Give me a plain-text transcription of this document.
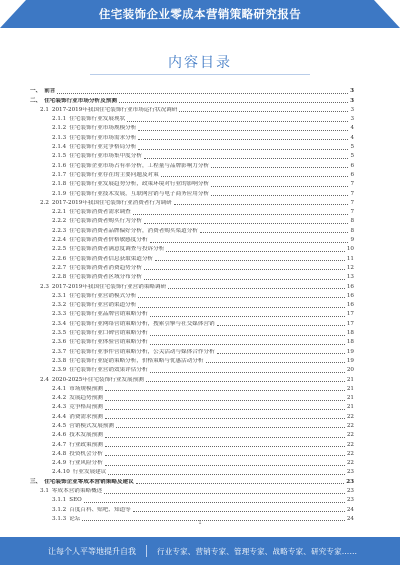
住宅装饰企业零成本营销策略研究报告
内容目录
一、 前言	3
二、 住宅装饰行业市场分析及预测	3
2.1 2017-2019年我国住宅装饰行业市场运行状况调研	3
2.1.1 住宅装饰行业发展现状	3
2.1.2 住宅装饰行业市场规模分析	4
2.1.3 住宅装饰行业市场需求分析	4
2.1.4 住宅装饰行业竞争格局分析	5
2.1.5 住宅装饰行业市场集中度分析	5
2.1.6 住宅装饰企业市场占有率分析，工程量与品牌影响力分析	6
2.1.7 住宅装饰行业存在的主要问题及对策	6
2.1.8 住宅装饰行业发展趋势分析，政策环境对行业的影响分析	7
2.1.9 住宅装饰行业技术发展，互联网营销与电子商务应用分析	7
2.2 2017-2019年我国住宅装饰行业消费者行为调研	7
2.2.1 住宅装饰消费者需求调查	7
2.2.2 住宅装饰消费者购买行为分析	8
2.2.3 住宅装饰消费者品牌偏好分析，消费者购买渠道分析	8
2.2.4 住宅装饰消费者价格敏感度分析	9
2.2.5 住宅装饰消费者满意度调查与投诉分析	10
2.2.6 住宅装饰消费者信息获取渠道分析	11
2.2.7 住宅装饰消费者消费趋势分析	12
2.2.8 住宅装饰消费者区域分布分析	13
2.3 2017-2019年我国住宅装饰行业营销策略调研	16
2.3.1 住宅装饰行业营销模式分析	16
2.3.2 住宅装饰行业营销渠道分析	16
2.3.3 住宅装饰行业品牌营销策略分析	17
2.3.4 住宅装饰行业网络营销策略分析，搜索引擎与社交媒体营销	17
2.3.5 住宅装饰行业口碑营销策略分析	18
2.3.6 住宅装饰行业体验营销策略分析	18
2.3.7 住宅装饰行业事件营销策略分析，公关活动与媒体合作分析	19
2.3.8 住宅装饰行业促销策略分析，价格策略与优惠活动分析	19
2.3.9 住宅装饰行业营销效果评估分析	20
2.4 2020-2025年住宅装饰行业发展预测	21
2.4.1 市场规模预测	21
2.4.2 发展趋势预测	21
2.4.3 竞争格局预测	21
2.4.4 消费需求预测	22
2.4.5 营销模式发展预测	22
2.4.6 技术发展预测	22
2.4.7 行业政策预测	22
2.4.8 投资机会分析	22
2.4.9 行业风险分析	22
2.4.10 行业发展建议	23
三、 住宅装饰企业零成本营销策略及建议	23
3.1 零成本营销策略概述	23
3.1.1 SEO	23
3.1.2 百度百科、贴吧、知道等	24
3.1.3 论坛	24
1
让每个人平等地提升自我	行业专家、营销专家、管理专家、战略专家、研究专家……
